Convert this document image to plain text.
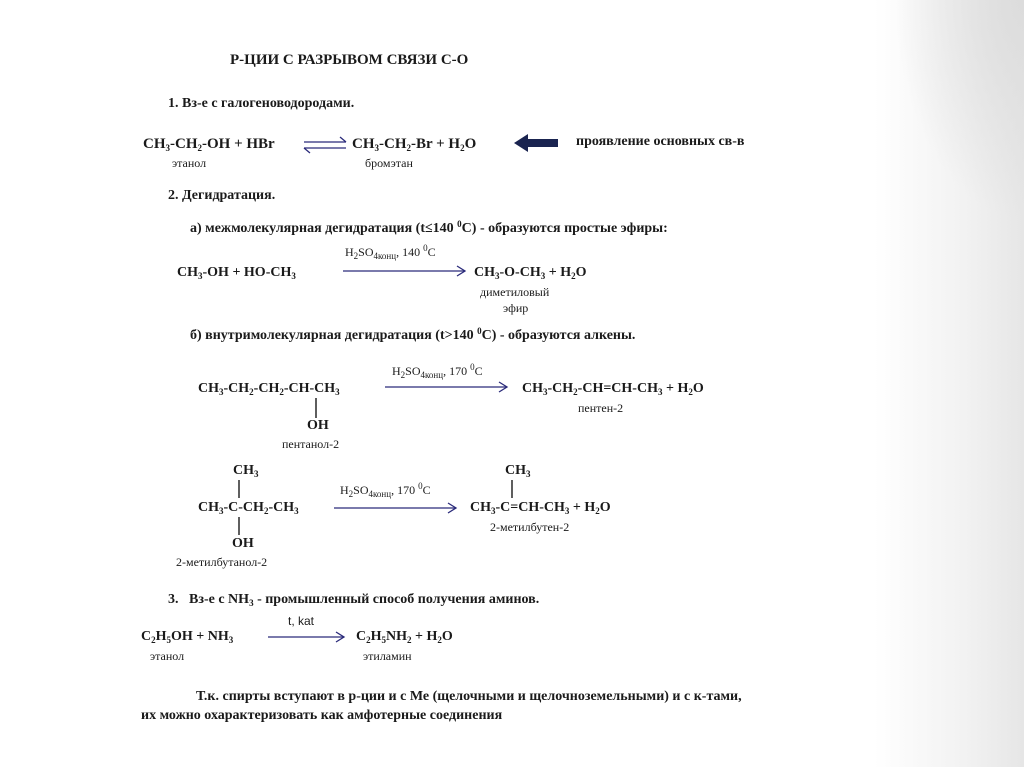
Р-ЦИИ С РАЗРЫВОМ СВЯЗИ С-О
1. Вз-е с галогеноводородами.
$CH_3-CH_2-OH$ + HBr
этанол
⇌ $CH_3-CH_2-Br + H_2O$
бромэтан
проявление основных св-в
2. Дегидратация.
а) межмолекулярная дегидратация (t≤140 $^0$С) - образуются простые эфиры:
$H_2SO_{4конц}$, 140 $^0$C
$CH_3-OH + HO-CH_3$	$CH_3-O-CH_3 + H_2O$
диметиловый
эфир
б) внутримолекулярная дегидратация (t>140 $^0$С) - образуются алкены.
$H_2SO_{4конц}$, 170 $^0$C
$CH_3-CH_2-CH_2-CH-CH_3$
OH
пентанол-2
$CH_3-CH_2-CH=CH-CH_3 + H_2O$
пентен-2
$CH_3$
$H_2SO_{4конц}$, 170 $^0$C
$CH_3-C-CH_2-CH_3$
OH
2-метилбутанол-2
$CH_3$
$CH_3-C=CH-CH_3 + H_2O$
2-метилбутен-2
3.   Вз-е с $NH_3$ - промышленный способ получения аминов.
t, kat
$C_2H_5OH + NH_3$	$C_2H_5NH_2 + H_2O$
этанол	этиламин
Т.к. спирты вступают в р-ции и с Ме (щелочными и щелочноземельными) и с к-тами,
их можно охарактеризовать как амфотерные соединения
